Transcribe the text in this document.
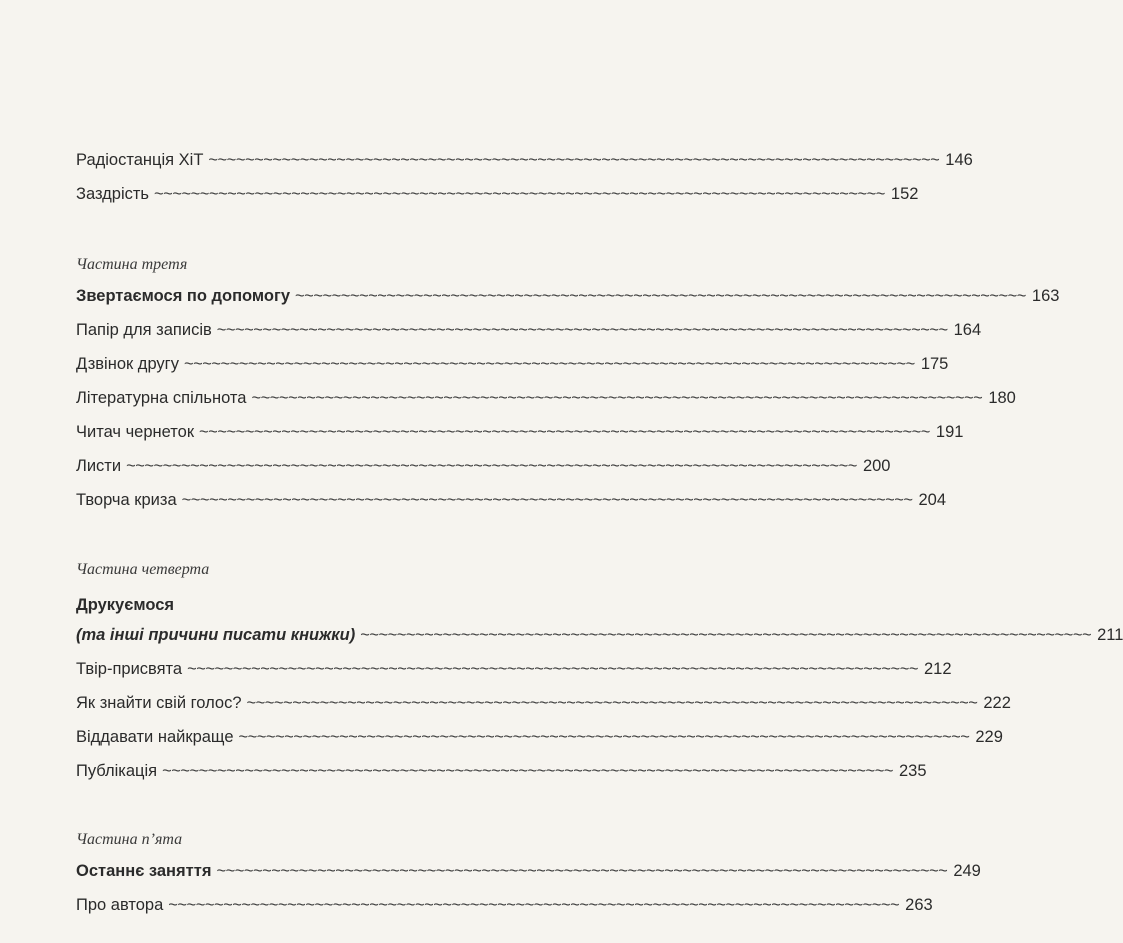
Радіостанція ХіТ ~~~~~~~~~~~~~~~~~~~~~~~~~~~~~~~~~~~~~~~~~~~~~~~~~~~~~~~~~~~~~~~~~~~~~~~~~~~~~~~~ 146
Заздрість ~~~~~~~~~~~~~~~~~~~~~~~~~~~~~~~~~~~~~~~~~~~~~~~~~~~~~~~~~~~~~~~~~~~~~~~~~~~~~~~~ 152
Частина третя
Звертаємося по допомогу ~~~~~~~~~~~~~~~~~~~~~~~~~~~~~~~~~~~~~~~~~~~~~~~~~~~~~~~~~~~~~~~~~~~~~~~~~~~~~~~~ 163
Папір для записів ~~~~~~~~~~~~~~~~~~~~~~~~~~~~~~~~~~~~~~~~~~~~~~~~~~~~~~~~~~~~~~~~~~~~~~~~~~~~~~~~ 164
Дзвінок другу ~~~~~~~~~~~~~~~~~~~~~~~~~~~~~~~~~~~~~~~~~~~~~~~~~~~~~~~~~~~~~~~~~~~~~~~~~~~~~~~~ 175
Літературна спільнота ~~~~~~~~~~~~~~~~~~~~~~~~~~~~~~~~~~~~~~~~~~~~~~~~~~~~~~~~~~~~~~~~~~~~~~~~~~~~~~~~ 180
Читач чернеток ~~~~~~~~~~~~~~~~~~~~~~~~~~~~~~~~~~~~~~~~~~~~~~~~~~~~~~~~~~~~~~~~~~~~~~~~~~~~~~~~ 191
Листи ~~~~~~~~~~~~~~~~~~~~~~~~~~~~~~~~~~~~~~~~~~~~~~~~~~~~~~~~~~~~~~~~~~~~~~~~~~~~~~~~ 200
Творча криза ~~~~~~~~~~~~~~~~~~~~~~~~~~~~~~~~~~~~~~~~~~~~~~~~~~~~~~~~~~~~~~~~~~~~~~~~~~~~~~~~ 204
Частина четверта
Друкуємося
(та інші причини писати книжки) ~~~~~~~~~~~~~~~~~~~~~~~~~~~~~~~~~~~~~~~~~~~~~~~~~~~~~~~~~~~~~~~~~~~~~~~~~~~~~~~~ 211
Твір-присвята ~~~~~~~~~~~~~~~~~~~~~~~~~~~~~~~~~~~~~~~~~~~~~~~~~~~~~~~~~~~~~~~~~~~~~~~~~~~~~~~~ 212
Як знайти свій голос? ~~~~~~~~~~~~~~~~~~~~~~~~~~~~~~~~~~~~~~~~~~~~~~~~~~~~~~~~~~~~~~~~~~~~~~~~~~~~~~~~ 222
Віддавати найкраще ~~~~~~~~~~~~~~~~~~~~~~~~~~~~~~~~~~~~~~~~~~~~~~~~~~~~~~~~~~~~~~~~~~~~~~~~~~~~~~~~ 229
Публікація ~~~~~~~~~~~~~~~~~~~~~~~~~~~~~~~~~~~~~~~~~~~~~~~~~~~~~~~~~~~~~~~~~~~~~~~~~~~~~~~~ 235
Частина п’ята
Останнє заняття ~~~~~~~~~~~~~~~~~~~~~~~~~~~~~~~~~~~~~~~~~~~~~~~~~~~~~~~~~~~~~~~~~~~~~~~~~~~~~~~~ 249
Про автора ~~~~~~~~~~~~~~~~~~~~~~~~~~~~~~~~~~~~~~~~~~~~~~~~~~~~~~~~~~~~~~~~~~~~~~~~~~~~~~~~ 263
